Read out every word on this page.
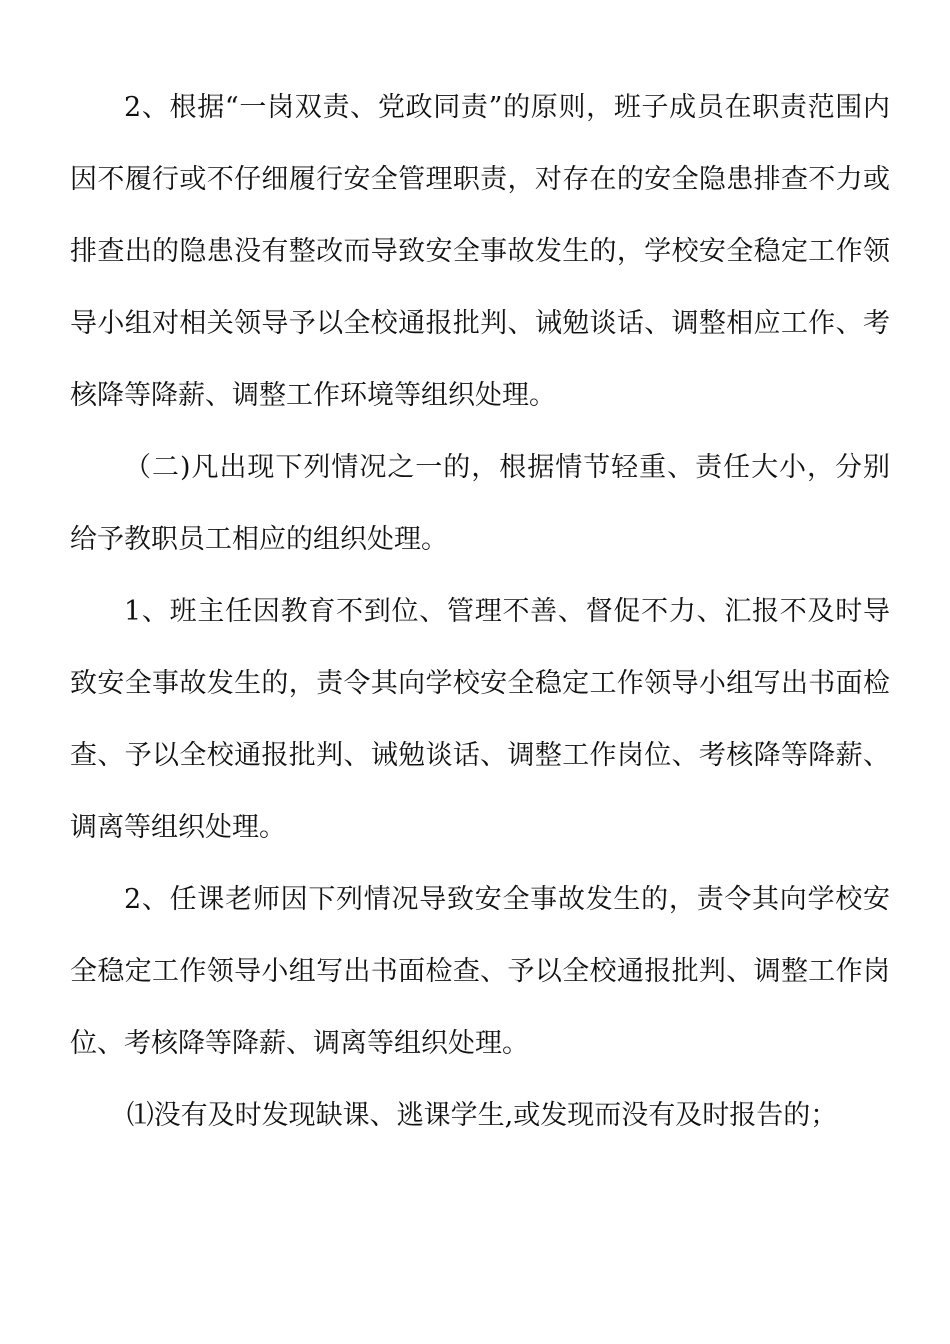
2、根据“一岗双责、党政同责”的原则，班子成员在职责范围内因不履行或不仔细履行安全管理职责，对存在的安全隐患排查不力或排查出的隐患没有整改而导致安全事故发生的，学校安全稳定工作领导小组对相关领导予以全校通报批判、诫勉谈话、调整相应工作、考核降等降薪、调整工作环境等组织处理。

（二)凡出现下列情况之一的，根据情节轻重、责任大小，分别给予教职员工相应的组织处理。

1、班主任因教育不到位、管理不善、督促不力、汇报不及时导致安全事故发生的，责令其向学校安全稳定工作领导小组写出书面检查、予以全校通报批判、诫勉谈话、调整工作岗位、考核降等降薪、调离等组织处理。

2、任课老师因下列情况导致安全事故发生的，责令其向学校安全稳定工作领导小组写出书面检查、予以全校通报批判、调整工作岗位、考核降等降薪、调离等组织处理。

⑴没有及时发现缺课、逃课学生,或发现而没有及时报告的；
